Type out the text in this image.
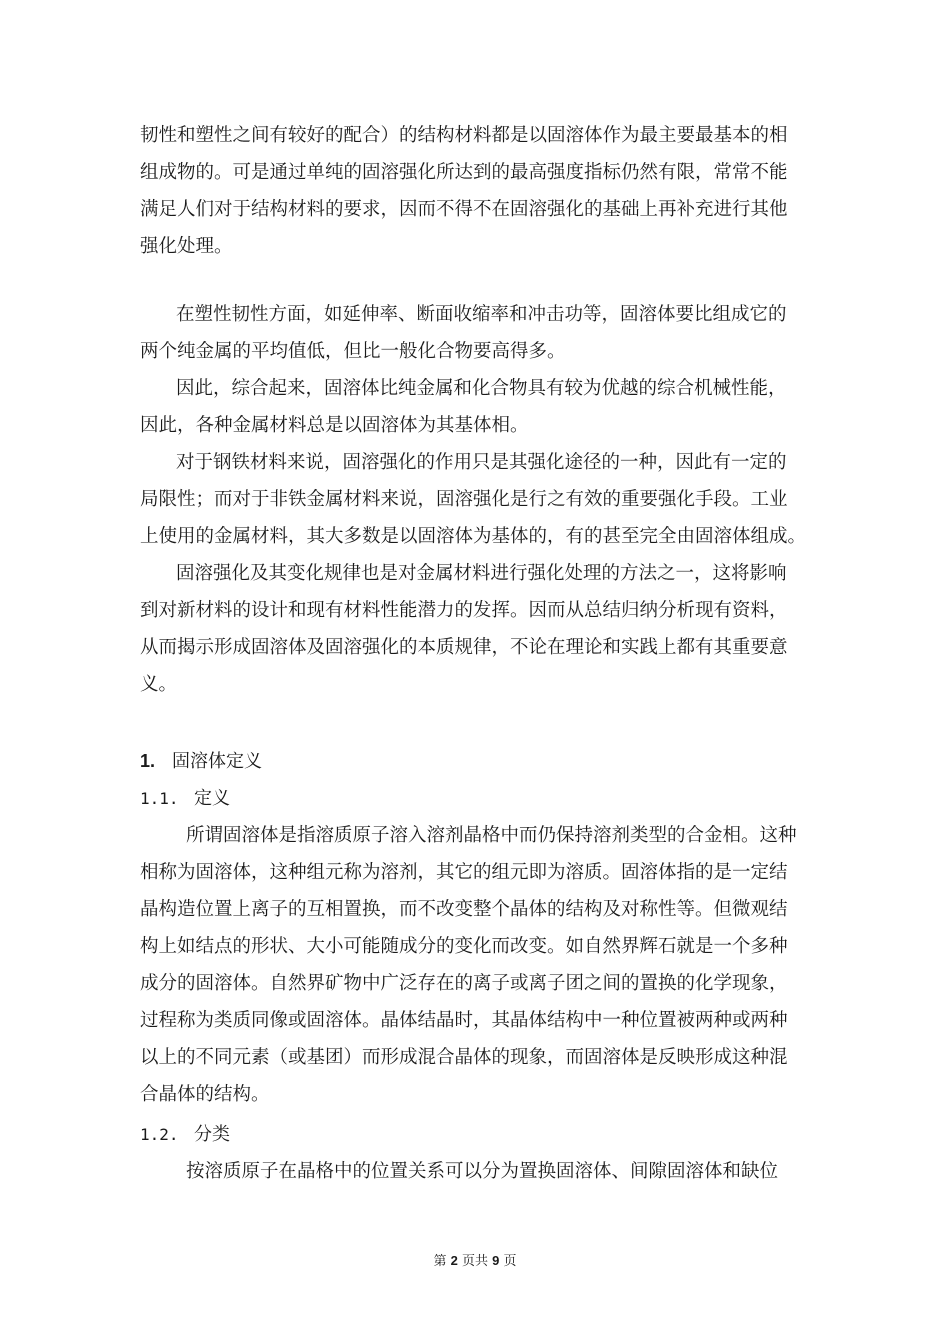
韧性和塑性之间有较好的配合）的结构材料都是以固溶体作为最主要最基本的相
组成物的。可是通过单纯的固溶强化所达到的最高强度指标仍然有限，常常不能
满足人们对于结构材料的要求，因而不得不在固溶强化的基础上再补充进行其他
强化处理。
在塑性韧性方面，如延伸率、断面收缩率和冲击功等，固溶体要比组成它的
两个纯金属的平均值低，但比一般化合物要高得多。
因此，综合起来，固溶体比纯金属和化合物具有较为优越的综合机械性能，
因此，各种金属材料总是以固溶体为其基体相。
对于钢铁材料来说，固溶强化的作用只是其强化途径的一种，因此有一定的
局限性；而对于非铁金属材料来说，固溶强化是行之有效的重要强化手段。工业
上使用的金属材料，其大多数是以固溶体为基体的，有的甚至完全由固溶体组成。
固溶强化及其变化规律也是对金属材料进行强化处理的方法之一，这将影响
到对新材料的设计和现有材料性能潜力的发挥。因而从总结归纳分析现有资料，
从而揭示形成固溶体及固溶强化的本质规律，不论在理论和实践上都有其重要意
义。
1. 固溶体定义
1.1. 定义
所谓固溶体是指溶质原子溶入溶剂晶格中而仍保持溶剂类型的合金相。这种
相称为固溶体，这种组元称为溶剂，其它的组元即为溶质。固溶体指的是一定结
晶构造位置上离子的互相置换，而不改变整个晶体的结构及对称性等。但微观结
构上如结点的形状、大小可能随成分的变化而改变。如自然界辉石就是一个多种
成分的固溶体。自然界矿物中广泛存在的离子或离子团之间的置换的化学现象，
过程称为类质同像或固溶体。晶体结晶时，其晶体结构中一种位置被两种或两种
以上的不同元素（或基团）而形成混合晶体的现象，而固溶体是反映形成这种混
合晶体的结构。
1.2. 分类
按溶质原子在晶格中的位置关系可以分为置换固溶体、间隙固溶体和缺位
第 2 页共 9 页
